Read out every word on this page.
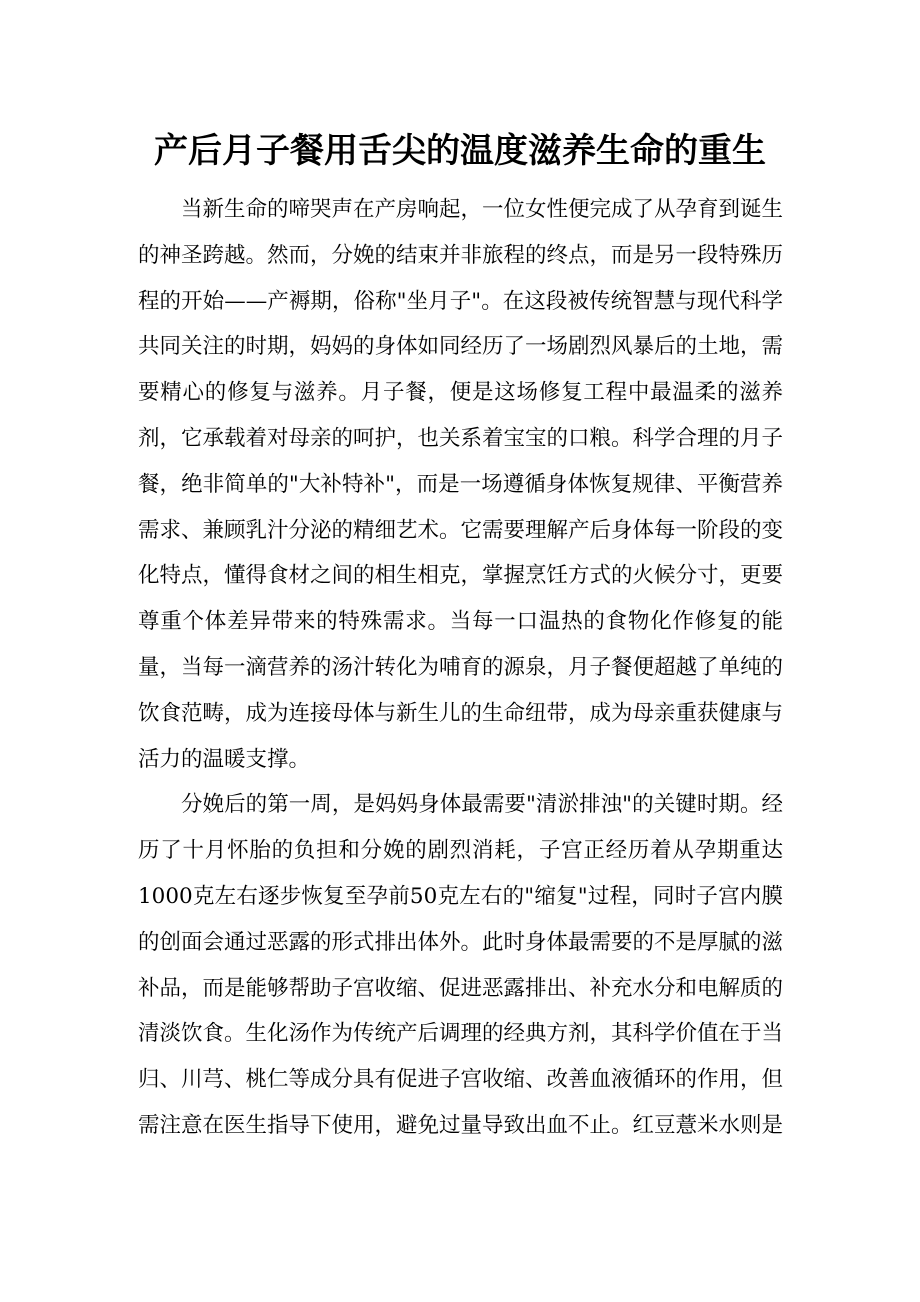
产后月子餐用舌尖的温度滋养生命的重生

当新生命的啼哭声在产房响起，一位女性便完成了从孕育到诞生的神圣跨越。然而，分娩的结束并非旅程的终点，而是另一段特殊历程的开始——产褥期，俗称"坐月子"。在这段被传统智慧与现代科学共同关注的时期，妈妈的身体如同经历了一场剧烈风暴后的土地，需要精心的修复与滋养。月子餐，便是这场修复工程中最温柔的滋养剂，它承载着对母亲的呵护，也关系着宝宝的口粮。科学合理的月子餐，绝非简单的"大补特补"，而是一场遵循身体恢复规律、平衡营养需求、兼顾乳汁分泌的精细艺术。它需要理解产后身体每一阶段的变化特点，懂得食材之间的相生相克，掌握烹饪方式的火候分寸，更要尊重个体差异带来的特殊需求。当每一口温热的食物化作修复的能量，当每一滴营养的汤汁转化为哺育的源泉，月子餐便超越了单纯的饮食范畴，成为连接母体与新生儿的生命纽带，成为母亲重获健康与活力的温暖支撑。

分娩后的第一周，是妈妈身体最需要"清淤排浊"的关键时期。经历了十月怀胎的负担和分娩的剧烈消耗，子宫正经历着从孕期重达1000克左右逐步恢复至孕前50克左右的"缩复"过程，同时子宫内膜的创面会通过恶露的形式排出体外。此时身体最需要的不是厚腻的滋补品，而是能够帮助子宫收缩、促进恶露排出、补充水分和电解质的清淡饮食。生化汤作为传统产后调理的经典方剂，其科学价值在于当归、川芎、桃仁等成分具有促进子宫收缩、改善血液循环的作用，但需注意在医生指导下使用，避免过量导致出血不止。红豆薏米水则是
